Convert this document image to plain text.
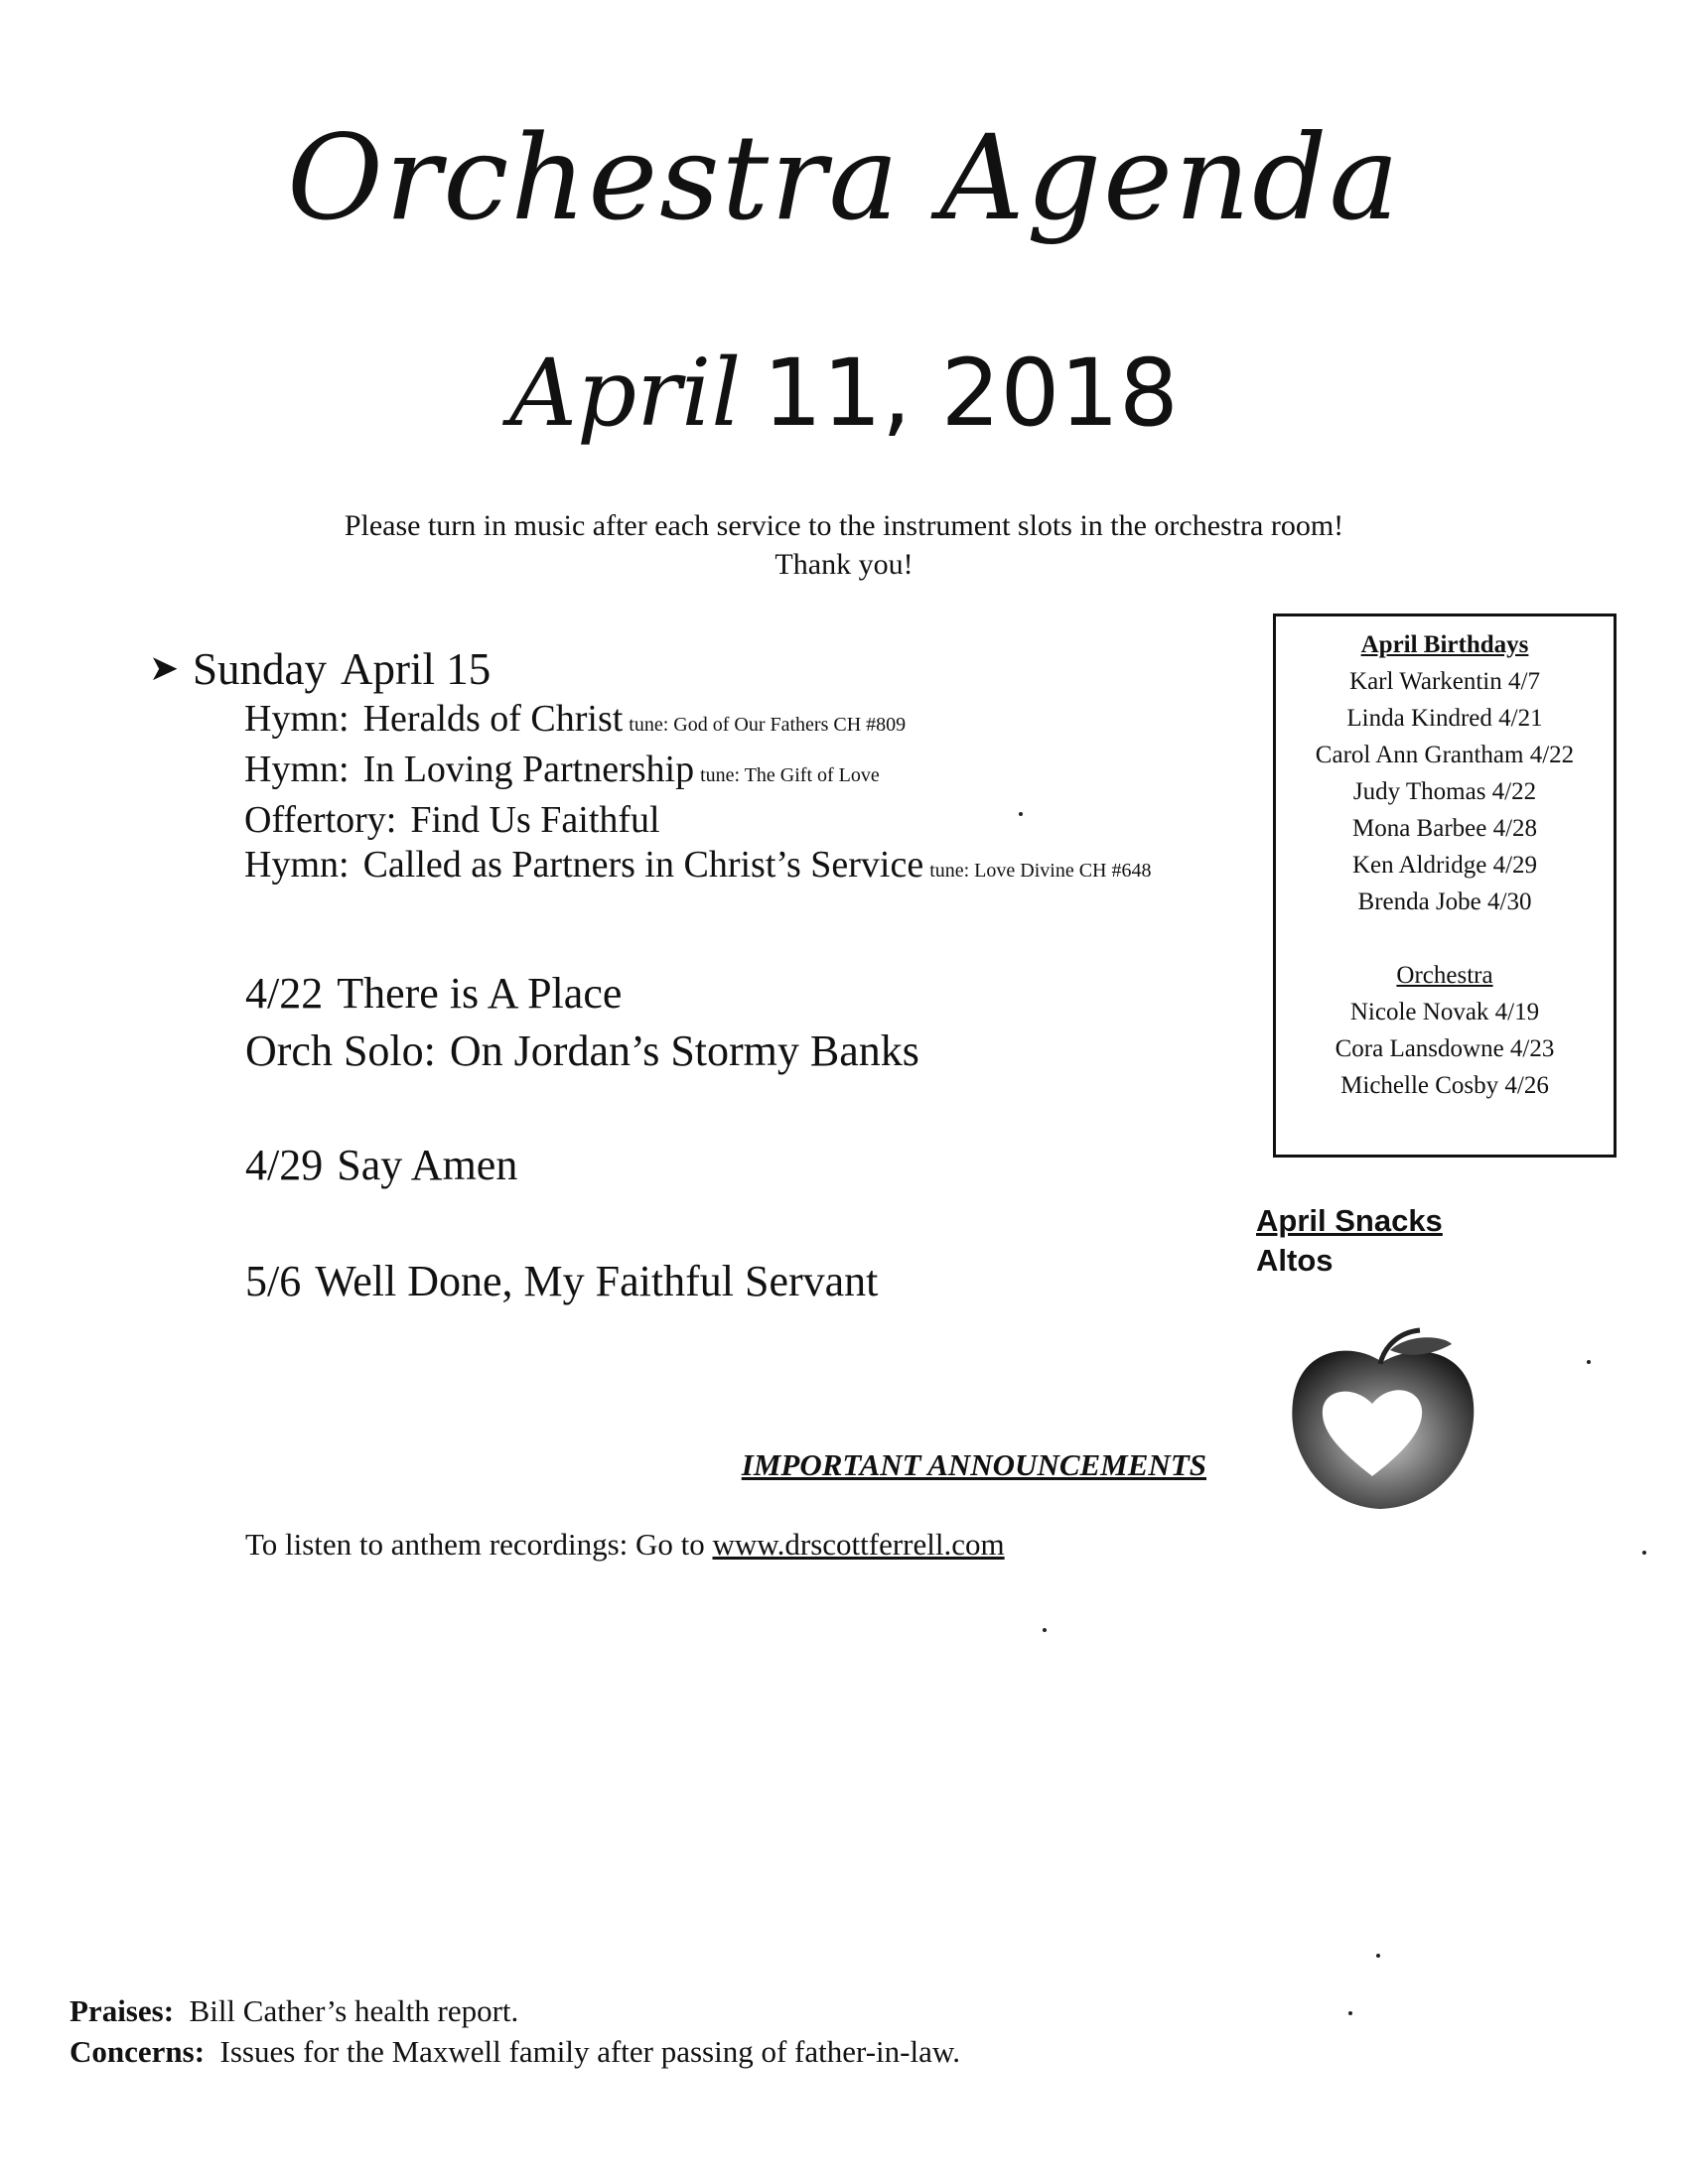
Orchestra Agenda
April 11, 2018
Please turn in music after each service to the instrument slots in the orchestra room!
Thank you!
➤ Sunday April 15
Hymn: Heralds of Christ tune: God of Our Fathers CH #809
Hymn: In Loving Partnership tune: The Gift of Love
Offertory: Find Us Faithful
Hymn: Called as Partners in Christ’s Service tune: Love Divine CH #648
4/22 There is A Place
Orch Solo: On Jordan’s Stormy Banks
4/29 Say Amen
5/6 Well Done, My Faithful Servant
IMPORTANT ANNOUNCEMENTS
To listen to anthem recordings: Go to www.drscottferrell.com
April Birthdays
Karl Warkentin 4/7
Linda Kindred 4/21
Carol Ann Grantham 4/22
Judy Thomas 4/22
Mona Barbee 4/28
Ken Aldridge 4/29
Brenda Jobe 4/30
Orchestra
Nicole Novak 4/19
Cora Lansdowne 4/23
Michelle Cosby 4/26
April Snacks
Altos
Praises: Bill Cather’s health report.
Concerns: Issues for the Maxwell family after passing of father-in-law.
